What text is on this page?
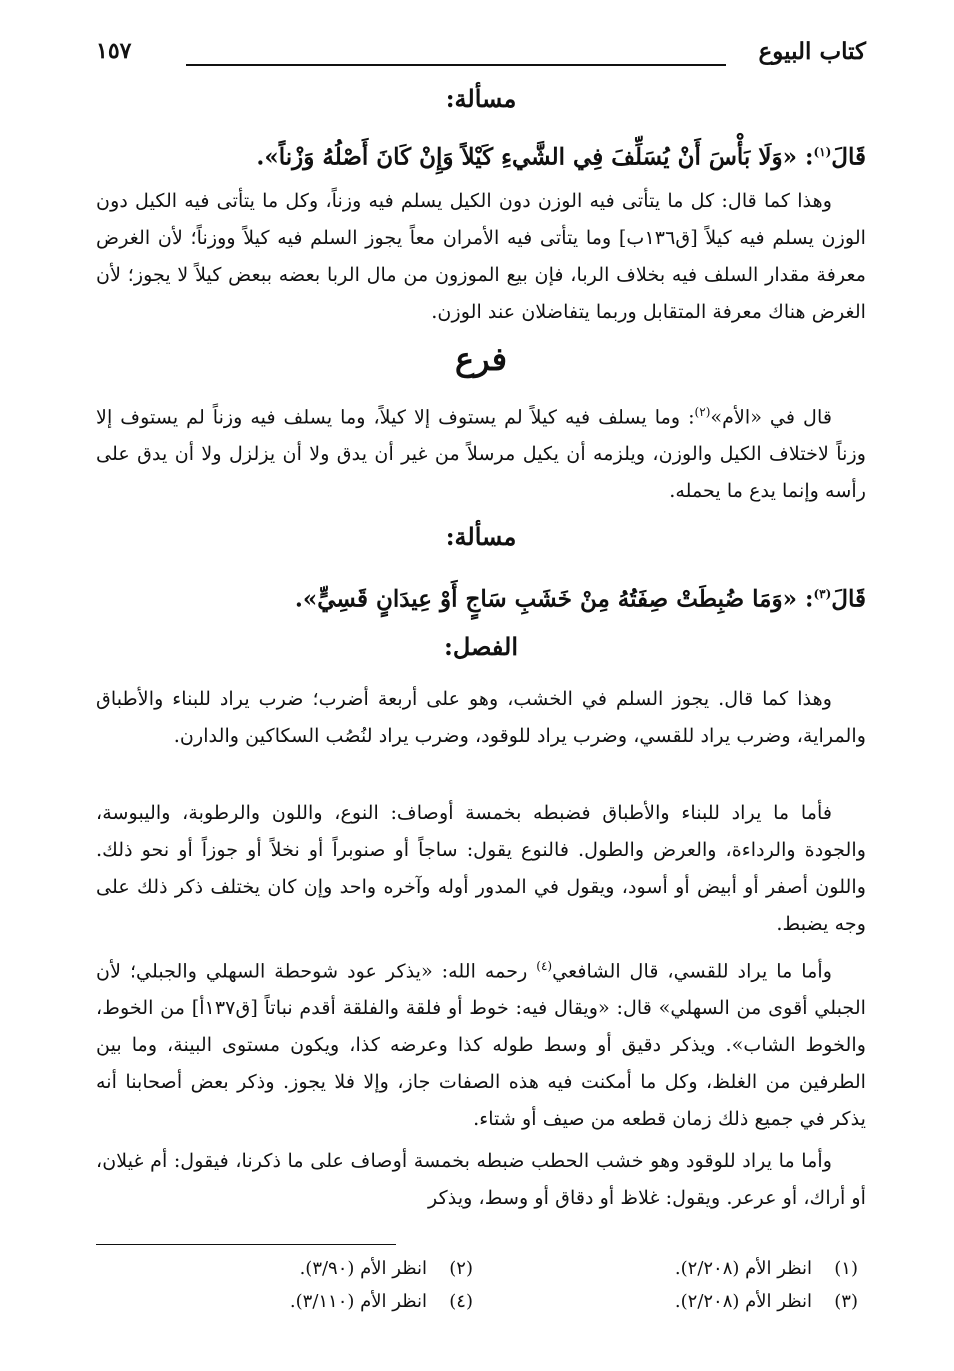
كتاب البيوع
١٥٧
مسألة:
قَالَ$^{(١)}$: «وَلَا بَأْسَ أَنْ يُسَلِّفَ فِي الشَّيءِ كَيْلاً وَإِنْ كَانَ أَصْلُهُ وَزْناً».

وهذا كما قال: كل ما يتأتى فيه الوزن دون الكيل يسلم فيه وزناً، وكل ما يتأتى فيه الكيل دون الوزن يسلم فيه كيلاً [ق١٣٦ب] وما يتأتى فيه الأمران معاً يجوز السلم فيه كيلاً ووزناً؛ لأن الغرض معرفة مقدار السلف فيه بخلاف الربا، فإن بيع الموزون من مال الربا بعضه ببعض كيلاً لا يجوز؛ لأن الغرض هناك معرفة المتقابل وربما يتفاضلان عند الوزن.

فرع

قال في «الأم»$^{(٢)}$: وما يسلف فيه كيلاً لم يستوف إلا كيلاً، وما يسلف فيه وزناً لم يستوف إلا وزناً لاختلاف الكيل والوزن، ويلزمه أن يكيل مرسلاً من غير أن يدق ولا أن يزلزل ولا أن يدق على رأسه وإنما يدع ما يحمله.

مسألة:
قَالَ$^{(٣)}$: «وَمَا ضُبِطَتْ صِفَتُهُ مِنْ خَشَبِ سَاجٍ أَوْ عِيدَانٍ قَسِيٍّ».
الفصل:

وهذا كما قال. يجوز السلم في الخشب، وهو على أربعة أضرب؛ ضرب يراد للبناء والأطباق والمراية، وضرب يراد للقسي، وضرب يراد للوقود، وضرب يراد لنُصُب السكاكين والدارن.

فأما ما يراد للبناء والأطباق فضبطه بخمسة أوصاف: النوع، واللون والرطوبة، واليبوسة، والجودة والرداءة، والعرض والطول. فالنوع يقول: ساجاً أو صنوبراً أو نخلاً أو جوزاً أو نحو ذلك. واللون أصفر أو أبيض أو أسود، ويقول في المدور أوله وآخره واحد وإن كان يختلف ذكر ذلك على وجه يضبط.

وأما ما يراد للقسي، قال الشافعي$^{(٤)}$ رحمه الله: «يذكر عود شوحطة السهلي والجبلي؛ لأن الجبلي أقوى من السهلي» قال: «ويقال فيه: خوط أو فلقة والفلقة أقدم نباتاً [ق١٣٧أ] من الخوط، والخوط الشاب». ويذكر دقيق أو وسط طوله كذا وعرضه كذا، ويكون مستوى البينة، وما بين الطرفين من الغلظ، وكل ما أمكنت فيه هذه الصفات جاز، وإلا فلا يجوز. وذكر بعض أصحابنا أنه يذكر في جميع ذلك زمان قطعه من صيف أو شتاء.

وأما ما يراد للوقود وهو خشب الحطب ضبطه بخمسة أوصاف على ما ذكرنا، فيقول: أم غيلان، أو أراك، أو عرعر. ويقول: غلاظ أو دقاق أو وسط، ويذكر

(١)انظر الأم (٢/٢٠٨).
(٢)انظر الأم (٣/٩٠).
(٣)انظر الأم (٢/٢٠٨).
(٤)انظر الأم (٣/١١٠).
